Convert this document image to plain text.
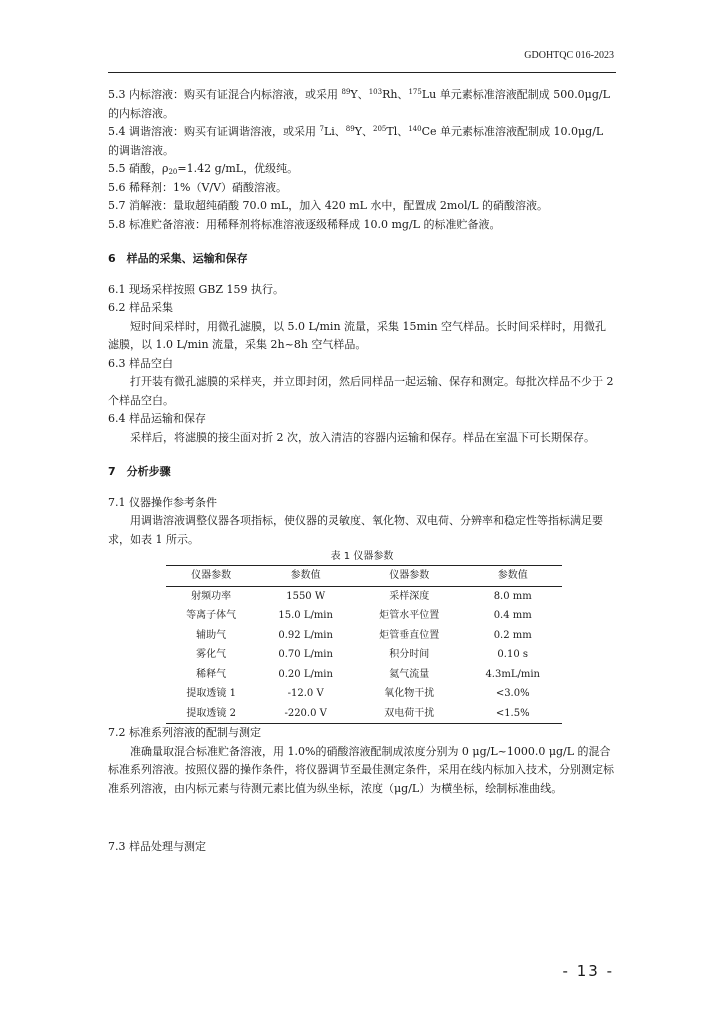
GDOHTQC 016-2023

5.3 内标溶液：购买有证混合内标溶液，或采用 $^{89}$Y、$^{103}$Rh、$^{175}$Lu 单元素标准溶液配制成 500.0μg/L 的内标溶液。

5.4 调谐溶液：购买有证调谐溶液，或采用 $^7$Li、$^{89}$Y、$^{205}$Tl、$^{140}$Ce 单元素标准溶液配制成 10.0μg/L 的调谐溶液。

5.5 硝酸，$\rho_{20}=1.42$ g/mL，优级纯。

5.6 稀释剂：1%（V/V）硝酸溶液。

5.7 消解液：量取超纯硝酸 70.0 mL，加入 420 mL 水中，配置成 2mol/L 的硝酸溶液。

5.8 标准贮备溶液：用稀释剂将标准溶液逐级稀释成 10.0 mg/L 的标准贮备液。

6　样品的采集、运输和保存

6.1 现场采样按照 GBZ 159 执行。

6.2 样品采集

短时间采样时，用微孔滤膜，以 5.0 L/min 流量，采集 15min 空气样品。长时间采样时，用微孔滤膜，以 1.0 L/min 流量，采集 2h~8h 空气样品。

6.3 样品空白

打开装有微孔滤膜的采样夹，并立即封闭，然后同样品一起运输、保存和测定。每批次样品不少于 2 个样品空白。

6.4 样品运输和保存

采样后，将滤膜的接尘面对折 2 次，放入清洁的容器内运输和保存。样品在室温下可长期保存。

7　分析步骤

7.1 仪器操作参考条件

用调谐溶液调整仪器各项指标，使仪器的灵敏度、氧化物、双电荷、分辨率和稳定性等指标满足要求，如表 1 所示。

表 1 仪器参数

仪器参数	参数值	仪器参数	参数值
射频功率	1550 W	采样深度	8.0 mm
等离子体气	15.0 L/min	炬管水平位置	0.4 mm
辅助气	0.92 L/min	炬管垂直位置	0.2 mm
雾化气	0.70 L/min	积分时间	0.10 s
稀释气	0.20 L/min	氦气流量	4.3mL/min
提取透镜 1	-12.0 V	氧化物干扰	<3.0%
提取透镜 2	-220.0 V	双电荷干扰	<1.5%

7.2 标准系列溶液的配制与测定

准确量取混合标准贮备溶液，用 1.0%的硝酸溶液配制成浓度分别为 0 μg/L~1000.0 μg/L 的混合标准系列溶液。按照仪器的操作条件，将仪器调节至最佳测定条件，采用在线内标加入技术，分别测定标准系列溶液，由内标元素与待测元素比值为纵坐标，浓度（μg/L）为横坐标，绘制标准曲线。

7.3 样品处理与测定

- 13 -
